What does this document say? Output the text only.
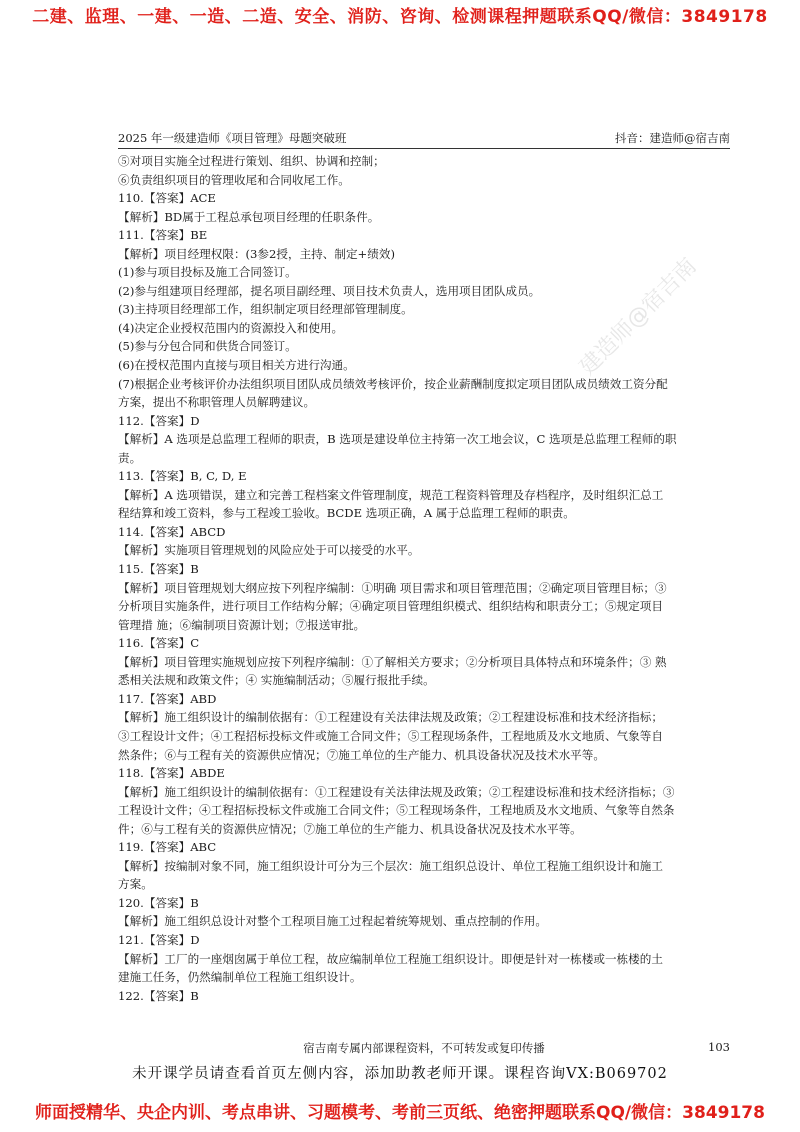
二建、监理、一建、一造、二造、安全、消防、咨询、检测课程押题联系QQ/微信：3849178
建造师@宿吉南
2025 年一级建造师《项目管理》母题突破班	抖音：建造师@宿吉南
⑤对项目实施全过程进行策划、组织、协调和控制；
⑥负责组织项目的管理收尾和合同收尾工作。
110.【答案】ACE
【解析】BD属于工程总承包项目经理的任职条件。
111.【答案】BE
【解析】项目经理权限：(3参2授，主持、制定+绩效)
(1)参与项目投标及施工合同签订。
(2)参与组建项目经理部，提名项目副经理、项目技术负责人，选用项目团队成员。
(3)主持项目经理部工作，组织制定项目经理部管理制度。
(4)决定企业授权范围内的资源投入和使用。
(5)参与分包合同和供货合同签订。
(6)在授权范围内直接与项目相关方进行沟通。
(7)根据企业考核评价办法组织项目团队成员绩效考核评价，按企业薪酬制度拟定项目团队成员绩效工资分配
方案，提出不称职管理人员解聘建议。
112.【答案】D
【解析】A 选项是总监理工程师的职责，B 选项是建设单位主持第一次工地会议，C 选项是总监理工程师的职
责。
113.【答案】B, C, D, E
【解析】A 选项错误，建立和完善工程档案文件管理制度，规范工程资料管理及存档程序，及时组织汇总工
程结算和竣工资料，参与工程竣工验收。BCDE 选项正确，A 属于总监理工程师的职责。
114.【答案】ABCD
【解析】实施项目管理规划的风险应处于可以接受的水平。
115.【答案】B
【解析】项目管理规划大纲应按下列程序编制：①明确 项目需求和项目管理范围；②确定项目管理目标；③
分析项目实施条件，进行项目工作结构分解；④确定项目管理组织模式、组织结构和职责分工；⑤规定项目
管理措 施；⑥编制项目资源计划；⑦报送审批。
116.【答案】C
【解析】项目管理实施规划应按下列程序编制：①了解相关方要求；②分析项目具体特点和环境条件；③ 熟
悉相关法规和政策文件；④ 实施编制活动；⑤履行报批手续。
117.【答案】ABD
【解析】施工组织设计的编制依据有：①工程建设有关法律法规及政策；②工程建设标准和技术经济指标；
③工程设计文件；④工程招标投标文件或施工合同文件；⑤工程现场条件，工程地质及水文地质、气象等自
然条件；⑥与工程有关的资源供应情况；⑦施工单位的生产能力、机具设备状况及技术水平等。
118.【答案】ABDE
【解析】施工组织设计的编制依据有：①工程建设有关法律法规及政策；②工程建设标准和技术经济指标；③
工程设计文件；④工程招标投标文件或施工合同文件；⑤工程现场条件，工程地质及水文地质、气象等自然条
件；⑥与工程有关的资源供应情况；⑦施工单位的生产能力、机具设备状况及技术水平等。
119.【答案】ABC
【解析】按编制对象不同，施工组织设计可分为三个层次：施工组织总设计、单位工程施工组织设计和施工
方案。
120.【答案】B
【解析】施工组织总设计对整个工程项目施工过程起着统筹规划、重点控制的作用。
121.【答案】D
【解析】工厂的一座烟囱属于单位工程，故应编制单位工程施工组织设计。即便是针对一栋楼或一栋楼的土
建施工任务，仍然编制单位工程施工组织设计。
122.【答案】B
宿吉南专属内部课程资料，不可转发或复印传播	103
未开课学员请查看首页左侧内容，添加助教老师开课。课程咨询VX:B069702
师面授精华、央企内训、考点串讲、习题模考、考前三页纸、绝密押题联系QQ/微信：3849178
